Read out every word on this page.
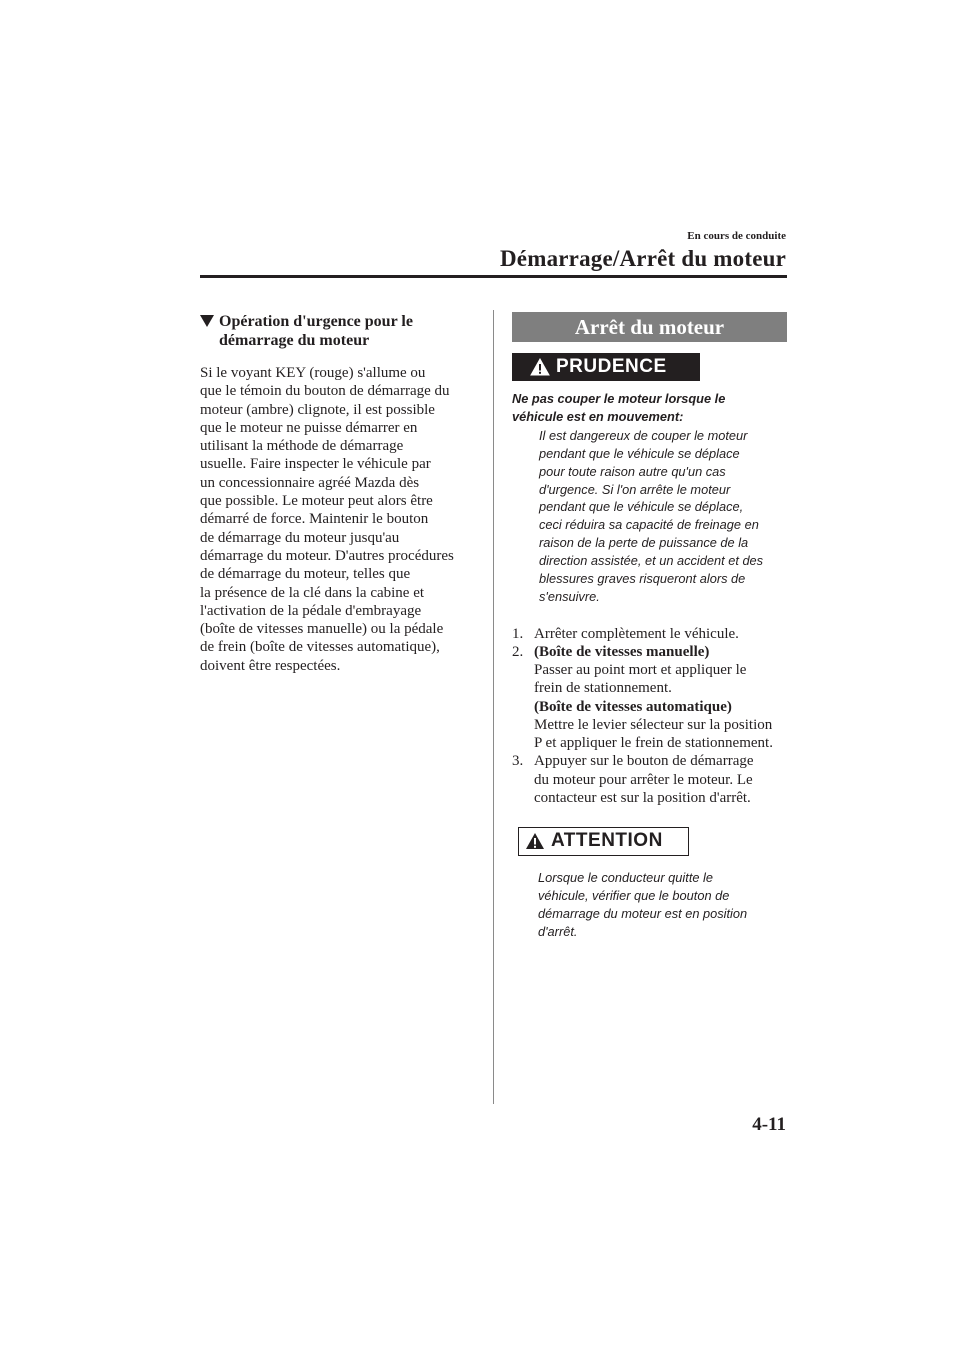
En cours de conduite
Démarrage/Arrêt du moteur
Opération d'urgence pour le
démarrage du moteur

Si le voyant KEY (rouge) s'allume ou
que le témoin du bouton de démarrage du
moteur (ambre) clignote, il est possible
que le moteur ne puisse démarrer en
utilisant la méthode de démarrage
usuelle. Faire inspecter le véhicule par
un concessionnaire agréé Mazda dès
que possible. Le moteur peut alors être
démarré de force. Maintenir le bouton
de démarrage du moteur jusqu'au
démarrage du moteur. D'autres procédures
de démarrage du moteur, telles que
la présence de la clé dans la cabine et
l'activation de la pédale d'embrayage
(boîte de vitesses manuelle) ou la pédale
de frein (boîte de vitesses automatique),
doivent être respectées.

Arrêt du moteur
PRUDENCE
Ne pas couper le moteur lorsque le
véhicule est en mouvement:
Il est dangereux de couper le moteur
pendant que le véhicule se déplace
pour toute raison autre qu'un cas
d'urgence. Si l'on arrête le moteur
pendant que le véhicule se déplace,
ceci réduira sa capacité de freinage en
raison de la perte de puissance de la
direction assistée, et un accident et des
blessures graves risqueront alors de
s'ensuivre.
1. Arrêter complètement le véhicule.
2. (Boîte de vitesses manuelle)
Passer au point mort et appliquer le
frein de stationnement.
(Boîte de vitesses automatique)
Mettre le levier sélecteur sur la position
P et appliquer le frein de stationnement.
3. Appuyer sur le bouton de démarrage
du moteur pour arrêter le moteur. Le
contacteur est sur la position d'arrêt.
ATTENTION
Lorsque le conducteur quitte le
véhicule, vérifier que le bouton de
démarrage du moteur est en position
d'arrêt.
4-11
